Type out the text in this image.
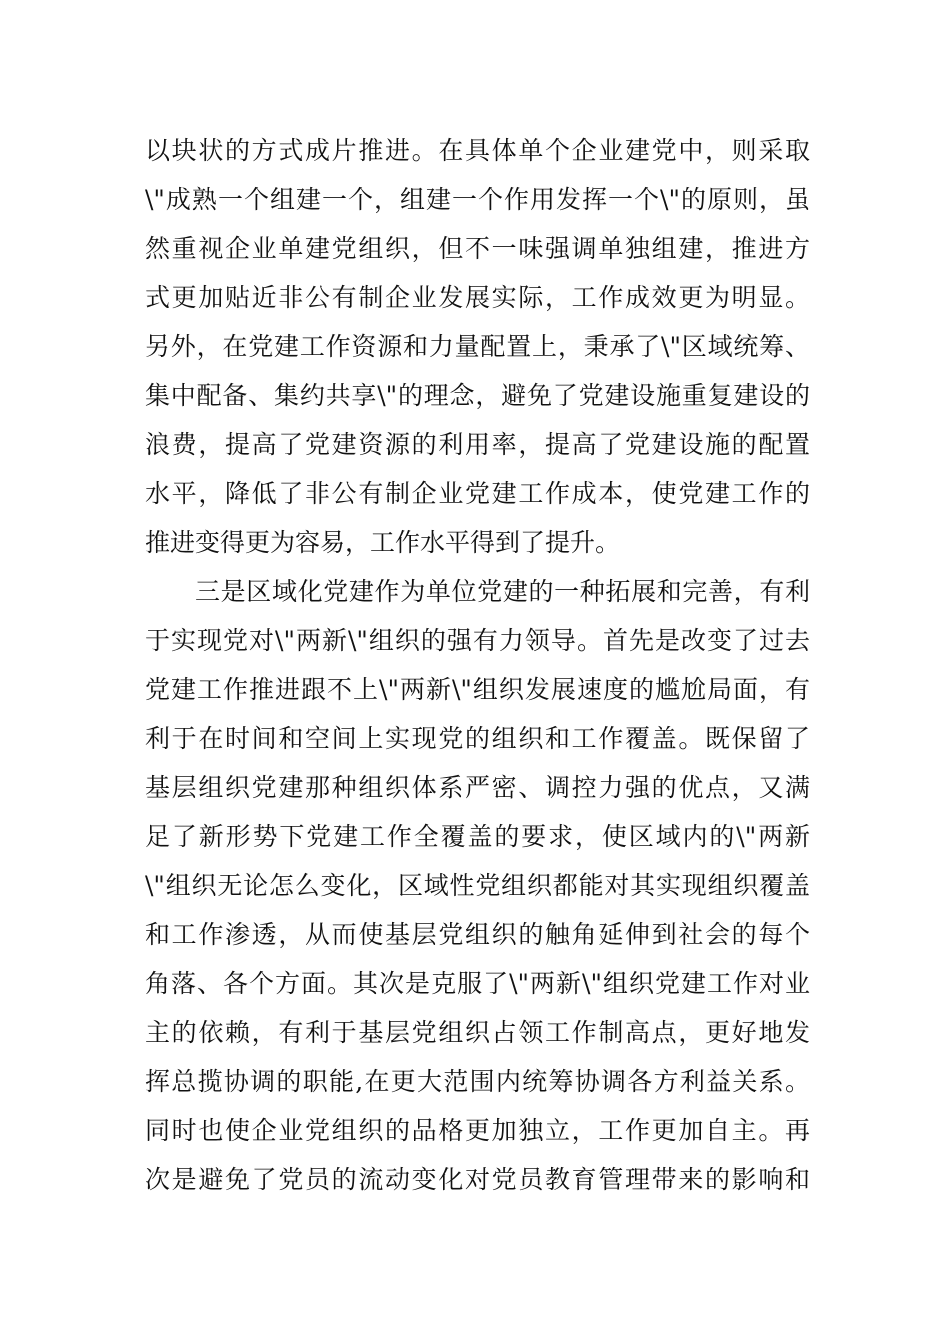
以块状的方式成片推进。在具体单个企业建党中，则采取
\"成熟一个组建一个，组建一个作用发挥一个\"的原则，虽
然重视企业单建党组织，但不一味强调单独组建，推进方
式更加贴近非公有制企业发展实际，工作成效更为明显。
另外，在党建工作资源和力量配置上，秉承了\"区域统筹、
集中配备、集约共享\"的理念，避免了党建设施重复建设的
浪费，提高了党建资源的利用率，提高了党建设施的配置
水平，降低了非公有制企业党建工作成本，使党建工作的
推进变得更为容易，工作水平得到了提升。
三是区域化党建作为单位党建的一种拓展和完善，有利
于实现党对\"两新\"组织的强有力领导。首先是改变了过去
党建工作推进跟不上\"两新\"组织发展速度的尴尬局面，有
利于在时间和空间上实现党的组织和工作覆盖。既保留了
基层组织党建那种组织体系严密、调控力强的优点，又满
足了新形势下党建工作全覆盖的要求，使区域内的\"两新
\"组织无论怎么变化，区域性党组织都能对其实现组织覆盖
和工作渗透，从而使基层党组织的触角延伸到社会的每个
角落、各个方面。其次是克服了\"两新\"组织党建工作对业
主的依赖，有利于基层党组织占领工作制高点，更好地发
挥总揽协调的职能,在更大范围内统筹协调各方利益关系。
同时也使企业党组织的品格更加独立，工作更加自主。再
次是避免了党员的流动变化对党员教育管理带来的影响和
